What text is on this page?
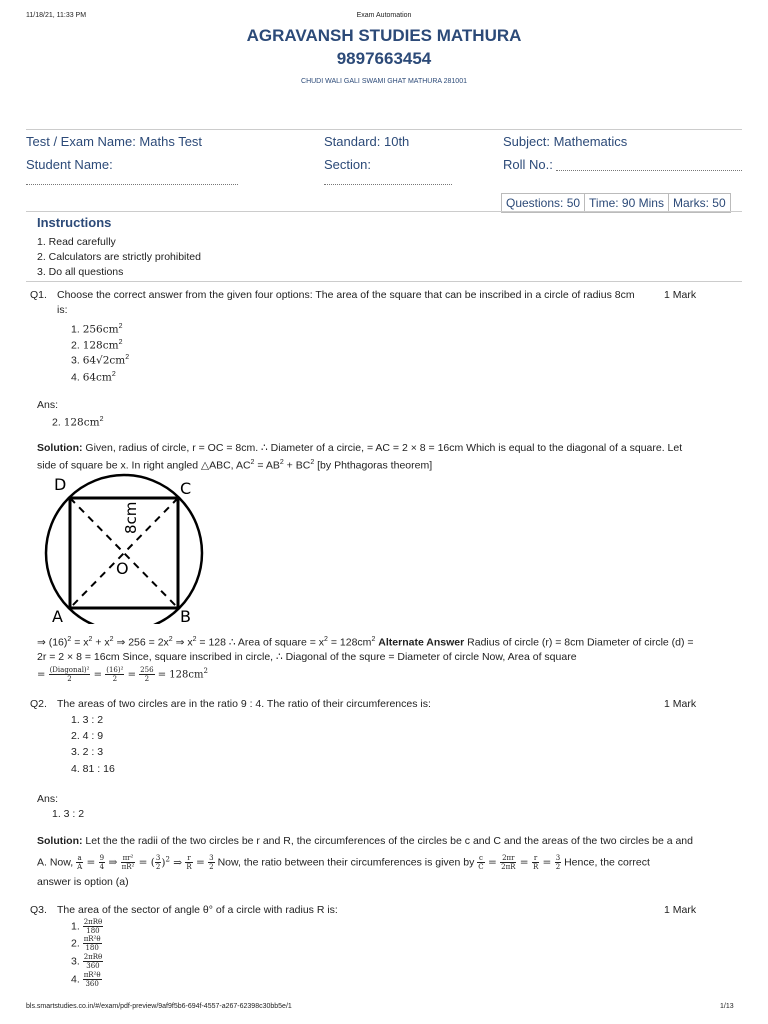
11/18/21, 11:33 PM	Exam Automation
AGRAVANSH STUDIES MATHURA
9897663454
CHUDI WALI GALI SWAMI GHAT MATHURA 281001
Test / Exam Name: Maths Test	Standard: 10th	Subject: Mathematics
Student Name:	Section:	Roll No.:
Questions: 50 Time: 90 Mins Marks: 50
Instructions
1. Read carefully
2. Calculators are strictly prohibited
3. Do all questions
Q1. Choose the correct answer from the given four options: The area of the square that can be inscribed in a circle of radius 8cm	1 Mark
is:
1. $256cm^2$
2. $128cm^2$
3. $64√2cm^2$
4. $64cm^2$
Ans:
2. $128cm^2$
Solution: Given, radius of circle, r = OC = 8cm. ∴ Diameter of a circie, = AC = 2 × 8 = 16cm Which is equal to the diagonal of a square. Let
side of square be x. In right angled △ABC, $AC^2 = AB^2 + BC^2$ [by Phthagoras theorem]
D	C
A	B
O
8cm
⇒ $(16)^2 = x^2 + x^2$ ⇒ $256 = 2x^2$ ⇒ $x^2 = 128$ ∴ Area of square = $x^2 = 128cm^2$ Alternate Answer Radius of circle (r) = 8cm Diameter of circle (d) =
2r = 2 × 8 = 16cm Since, square inscribed in circle, ∴ Diagonal of the squre = Diameter of circle Now, Area of square
= $\frac{\text{(Diagonal)²}}{2} = \frac{\text{(16)²}}{2} = \frac{256}{2} = 128cm^2$
Q2. The areas of two circles are in the ratio 9 : 4. The ratio of their circumferences is:	1 Mark
1. 3 : 2
2. 4 : 9
3. 2 : 3
4. 81 : 16
Ans:
1. 3 : 2
Solution: Let the the radii of the two circles be r and R, the circumferences of the circles be c and C and the areas of the two circles be a and
A. Now, $\frac{a}{A} = \frac{9}{4}$ ⇒ $\frac{\text{πr²}}{\text{πR²}}$ = ( $\frac{3}{2} )^2$ ⇒ $\frac{r}{R} = \frac{3}{2}$ Now, the ratio between their circumferences is given by $\frac{c}{C} = \frac{2\pi r}{2\pi R} = \frac{r}{R} = \frac{3}{2}$ Hence, the correct
answer is option (a)
Q3. The area of the sector of angle θ° of a circle with radius R is:	1 Mark
1. $\frac{\text{2πRθ}}{180}$
2. $\frac{\text{πR²θ}}{180}$
3. $\frac{\text{2πRθ}}{360}$
4. $\frac{\text{πR²θ}}{360}$
bls.smartstudies.co.in/#/exam/pdf-preview/9af9f5b6-694f-4557-a267-62398c30bb5e/1	1/13
